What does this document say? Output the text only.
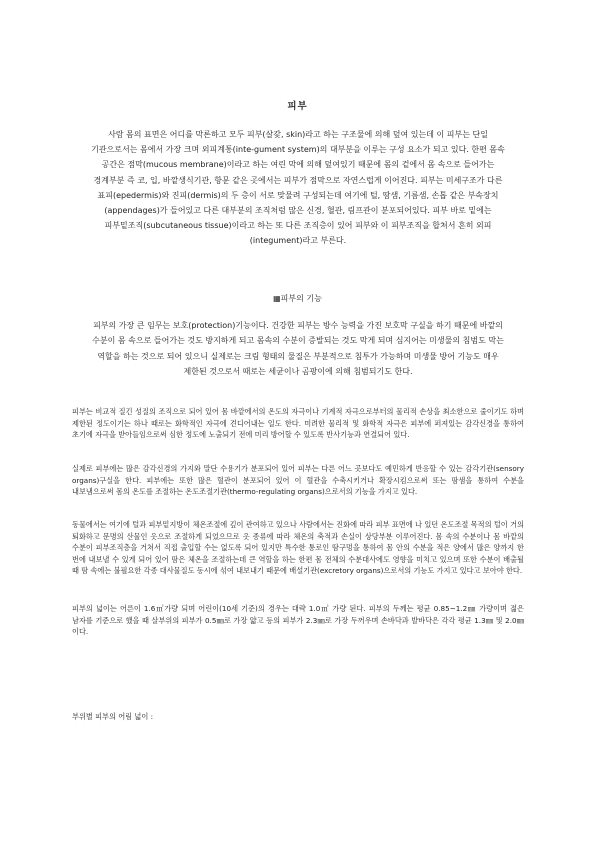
피부
사람 몸의 표면은 어디를 막론하고 모두 피부(살갗, skin)라고 하는 구조물에 의해 덮여 있는데 이 피부는 단일 기관으로서는 몸에서 가장 크며 외피계통(inte-gument system)의 대부분을 이루는 구성 요소가 되고 있다. 한편 몸속 공간은 점막(mucous membrane)이라고 하는 여린 막에 의해 덮여있기 때문에 몸의 겉에서 몸 속으로 들어가는 경계부분 즉 코, 입, 바깥생식기관, 항문 같은 곳에서는 피부가 점막으로 자연스럽게 이어진다. 피부는 미세구조가 다른 표피(epedermis)와 진피(dermis)의 두 층이 서로 맞물려 구성되는데 여기에 털, 땀샘, 기름샘, 손톱 같은 부속장치(appendages)가 들어있고 다른 대부분의 조직처럼 많은 신경, 혈관, 림프관이 분포되어있다. 피부 바로 밑에는 피부밑조직(subcutaneous tissue)이라고 하는 또 다른 조직층이 있어 피부와 이 피부조직을 합쳐서 흔히 외피(integument)라고 부른다.
▦피부의 기능
피부의 가장 큰 임무는 보호(protection)기능이다. 건강한 피부는 방수 능력을 가진 보호막 구실을 하기 때문에 바깥의 수분이 몸 속으로 들어가는 것도 방지하게 되고 몸속의 수분이 증발되는 것도 막게 되며 심지어는 미생물의 침범도 막는 역할을 하는 것으로 되어 있으니 실제로는 크림 형태의 물질은 부분적으로 침투가 가능하며 미생물 방어 기능도 매우 제한된 것으로서 때로는 세균이나 곰팡이에 의해 침범되기도 한다.
피부는 비교적 질긴 성질의 조직으로 되어 있어 몸 바깥에서의 온도의 자극이나 기계적 자극으로부터의 물리적 손상을 최소한으로 줄이기도 하며 제한된 정도이기는 하나 때로는 화학적인 자극에 견디어내는 일도 한다. 미려한 물리적 및 화학적 자극은 피부에 퍼져있는 감각신경을 통하여 초기에 자극을 받아들임으로써 심한 정도에 노출되기 전에 미리 방어할 수 있도록 반사기능과 연결되어 있다.
실제로 피부에는 많은 감각신경의 가지와 말단 수용기가 분포되어 있어 피부는 다른 어느 곳보다도 예민하게 반응할 수 있는 감각기관(sensory organs)구실을 한다. 피부에는 또한 많은 혈관이 분포되어 있어 이 혈관을 수축시키거나 확장시킴으로써 또는 땀샘을 통하여 수분을 내보냄으로써 몸의 온도를 조절하는 온도조절기관(thermo-regulating organs)으로서의 기능을 가지고 있다.
동물에서는 여기에 털과 피부밑지방이 체온조절에 깊이 관여하고 있으나 사람에서는 진화에 따라 피부 표면에 나 있던 온도조절 목적의 털이 거의 퇴화하고 문명의 산물인 옷으로 조절하게 되었으므로 옷 종류에 따라 체온의 축적과 손실이 상당부분 이루어진다. 몸 속의 수분이나 몸 바깥의 수분이 피부조직층을 거쳐서 직접 출입할 수는 없도록 되어 있지만 특수한 통로인 땀구멍을 통하여 몸 안의 수분을 적은 양에서 많은 양까지 한 번에 내보낼 수 있게 되어 있어 땀은 체온을 조절하는데 큰 역할을 하는 한편 몸 전체의 수분대사에도 영향을 미치고 있으며 또한 수분이 배출될 때 땀 속에는 불필요한 각종 대사물질도 동시에 섞여 내보내기 때문에 배설기관(excretory organs)으로서의 기능도 가지고 있다고 보아야 한다.
피부의 넓이는 어른이 1.6㎡가량 되며 어린이(10세 기준)의 경우는 대략 1.0㎡ 가량 된다. 피부의 두께는 평균 0.85~1.2㎜ 가량이며 젊은 남자를 기준으로 했을 때 살부위의 피부가 0.5㎜로 가장 얇고 등의 피부가 2.3㎜로 가장 두꺼우며 손바닥과 발바닥은 각각 평균 1.3㎜ 및 2.0㎜이다.
부위별 피부의 어림 넓이 :
